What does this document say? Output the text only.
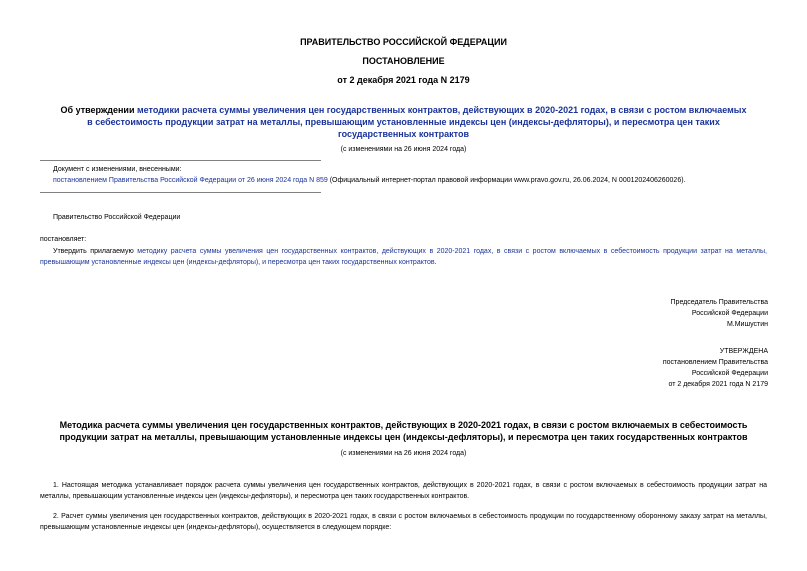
ПРАВИТЕЛЬСТВО РОССИЙСКОЙ ФЕДЕРАЦИИ
ПОСТАНОВЛЕНИЕ
от 2 декабря 2021 года N 2179
Об утверждении методики расчета суммы увеличения цен государственных контрактов, действующих в 2020-2021 годах, в связи с ростом включаемых в себестоимость продукции затрат на металлы, превышающим установленные индексы цен (индексы-дефляторы), и пересмотра цен таких государственных контрактов
(с изменениями на 26 июня 2024 года)
Документ с изменениями, внесенными:
постановлением Правительства Российской Федерации от 26 июня 2024 года N 859 (Официальный интернет-портал правовой информации www.pravo.gov.ru, 26.06.2024, N 0001202406260026).
Правительство Российской Федерации
постановляет:
Утвердить прилагаемую методику расчета суммы увеличения цен государственных контрактов, действующих в 2020-2021 годах, в связи с ростом включаемых в себестоимость продукции затрат на металлы, превышающим установленные индексы цен (индексы-дефляторы), и пересмотра цен таких государственных контрактов.
Председатель Правительства
Российской Федерации
М.Мишустин
УТВЕРЖДЕНА
постановлением Правительства
Российской Федерации
от 2 декабря 2021 года N 2179
Методика расчета суммы увеличения цен государственных контрактов, действующих в 2020-2021 годах, в связи с ростом включаемых в себестоимость продукции затрат на металлы, превышающим установленные индексы цен (индексы-дефляторы), и пересмотра цен таких государственных контрактов
(с изменениями на 26 июня 2024 года)
1. Настоящая методика устанавливает порядок расчета суммы увеличения цен государственных контрактов, действующих в 2020-2021 годах, в связи с ростом включаемых в себестоимость продукции затрат на металлы, превышающим установленные индексы цен (индексы-дефляторы), и пересмотра цен таких государственных контрактов.
2. Расчет суммы увеличения цен государственных контрактов, действующих в 2020-2021 годах, в связи с ростом включаемых в себестоимость продукции по государственному оборонному заказу затрат на металлы, превышающим установленные индексы цен (индексы-дефляторы), осуществляется в следующем порядке:
